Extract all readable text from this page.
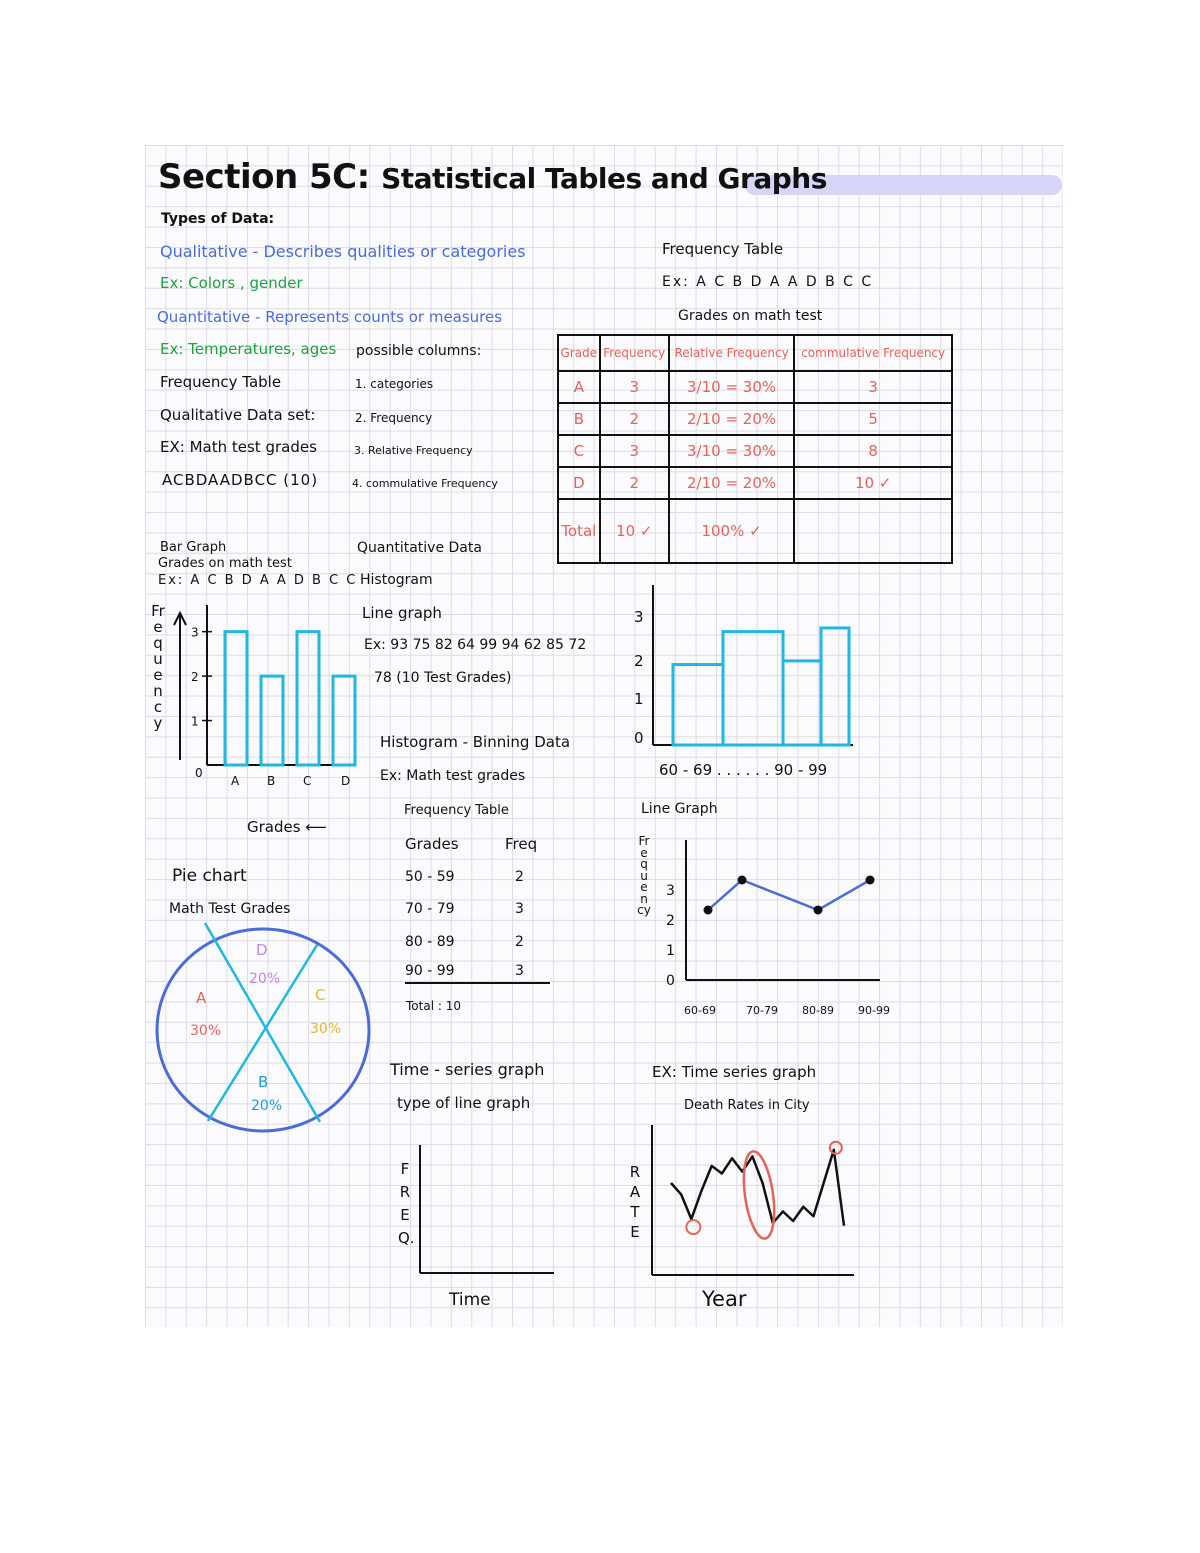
Section 5C: Statistical Tables and Graphs
Types of Data:
Qualitative - Describes qualities or categories
Ex: Colors , gender
Quantitative - Represents counts or measures
Ex: Temperatures, ages
Frequency Table
Qualitative Data set:
EX: Math test grades
ACBDAADBCC (10)
possible columns:
1. categories
2. Frequency
3. Relative Frequency
4. commulative Frequency
Frequency Table
Ex: A C B D A A D B C C
Grades on math test
Grade	Frequency	Relative Frequency	commulative Frequency
A	3	3/10 = 30%	3
B	2	2/10 = 20%	5
C	3	3/10 = 30%	8
D	2	2/10 = 20%	10 ✓
Total	10 ✓	100% ✓	
Bar Graph
Grades on math test
Ex: A C B D A A D B C C
Frequency
0
1
2
3
A B C D
Grades ⟵
Quantitative Data
Histogram
Line graph
Ex: 93 75 82 64 99 94 62 85 72
78 (10 Test Grades)
Histogram - Binning Data
Ex: Math test grades
0
1
2
3
60 - 69 . . . . . . 90 - 99
Frequency Table
Grades	Freq
50 - 59	2
70 - 79	3
80 - 89	2
90 - 99	3
Total : 10
Line Graph
Frequency
0
1
2
3
60-69	70-79 80-89 90-99
Pie chart
Math Test Grades
A
30%
B
20%
C
30%
D
20%
Time - series graph
type of line graph
FREQ.
Time
EX: Time series graph
Death Rates in City
RATE
Year
